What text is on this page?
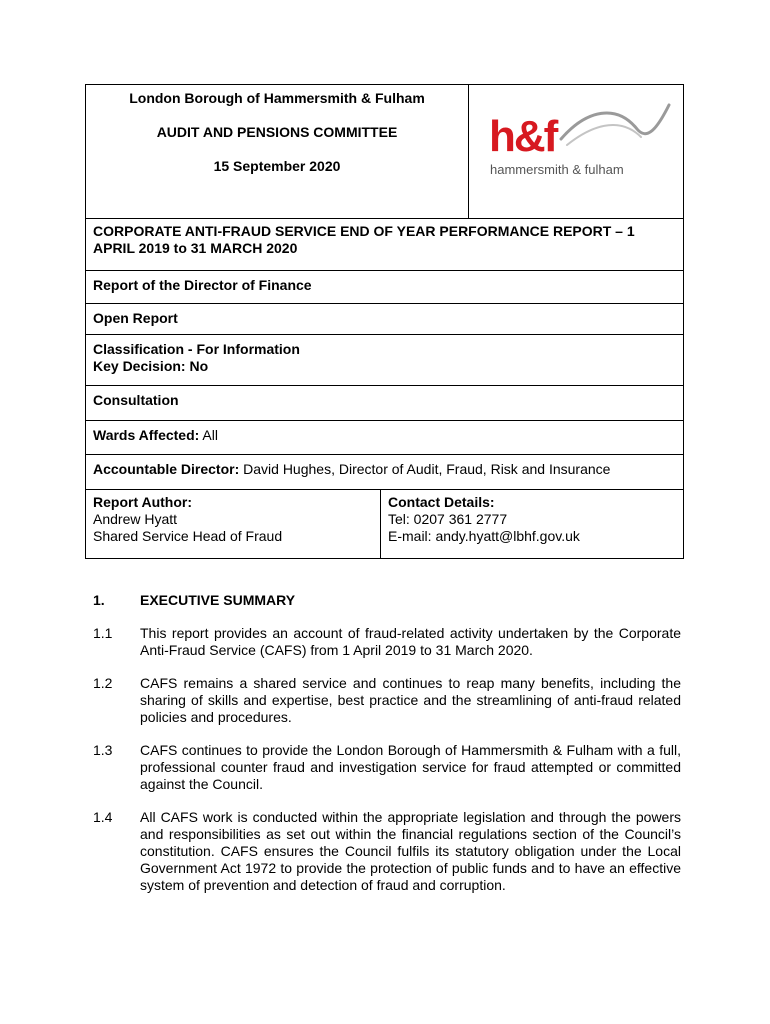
London Borough of Hammersmith & Fulham
AUDIT AND PENSIONS COMMITTEE
15 September 2020
h&f
hammersmith & fulham
CORPORATE ANTI-FRAUD SERVICE END OF YEAR PERFORMANCE REPORT – 1 APRIL 2019 to 31 MARCH 2020
Report of the Director of Finance
Open Report
Classification - For Information
Key Decision: No
Consultation
Wards Affected: All
Accountable Director: David Hughes, Director of Audit, Fraud, Risk and Insurance
Report Author:
Andrew Hyatt
Shared Service Head of Fraud
Contact Details:
Tel: 0207 361 2777
E-mail: andy.hyatt@lbhf.gov.uk
1.	EXECUTIVE SUMMARY
1.1 This report provides an account of fraud-related activity undertaken by the Corporate Anti-Fraud Service (CAFS) from 1 April 2019 to 31 March 2020.
1.2 CAFS remains a shared service and continues to reap many benefits, including the sharing of skills and expertise, best practice and the streamlining of anti-fraud related policies and procedures.
1.3 CAFS continues to provide the London Borough of Hammersmith & Fulham with a full, professional counter fraud and investigation service for fraud attempted or committed against the Council.
1.4 All CAFS work is conducted within the appropriate legislation and through the powers and responsibilities as set out within the financial regulations section of the Council’s constitution. CAFS ensures the Council fulfils its statutory obligation under the Local Government Act 1972 to provide the protection of public funds and to have an effective system of prevention and detection of fraud and corruption.
